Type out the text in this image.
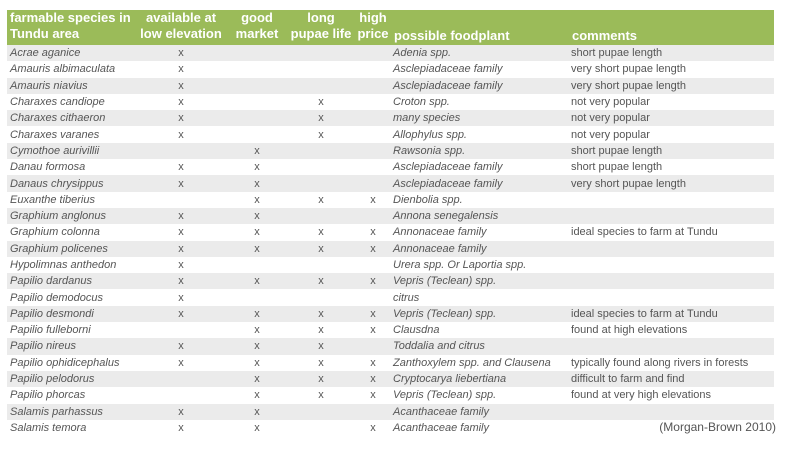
farmable species in Tundu area	available at low elevation	good market	long pupae life	high price	possible foodplant	comments
Acrae aganice	x				Adenia spp.	short pupae length
Amauris albimaculata	x				Asclepiadaceae family	very short pupae length
Amauris niavius	x				Asclepiadaceae family	very short pupae length
Charaxes candiope	x		x		Croton spp.	not very popular
Charaxes cithaeron	x		x		many species	not very popular
Charaxes varanes	x		x		Allophylus spp.	not very popular
Cymothoe aurivillii		x			Rawsonia spp.	short pupae length
Danau formosa	x	x			Asclepiadaceae family	short pupae length
Danaus chrysippus	x	x			Asclepiadaceae family	very short pupae length
Euxanthe tiberius		x	x	x	Dienbolia spp.	
Graphium anglonus	x	x			Annona senegalensis	
Graphium colonna	x	x	x	x	Annonaceae family	ideal species to farm at Tundu
Graphium policenes	x	x	x	x	Annonaceae family	
Hypolimnas anthedon	x				Urera spp. Or Laportia spp.	
Papilio dardanus	x	x	x	x	Vepris (Teclean) spp.	
Papilio demodocus	x				citrus	
Papilio desmondi	x	x	x	x	Vepris (Teclean) spp.	ideal species to farm at Tundu
Papilio fulleborni		x	x	x	Clausdna	found at high elevations
Papilio nireus	x	x	x		Toddalia and citrus	
Papilio ophidicephalus	x	x	x	x	Zanthoxylem spp. and Clausena	typically found along rivers in forests
Papilio pelodorus		x	x	x	Cryptocarya liebertiana	difficult to farm and find
Papilio phorcas		x	x	x	Vepris (Teclean) spp.	found at very high elevations
Salamis parhassus	x	x			Acanthaceae family	
Salamis temora	x	x		x	Acanthaceae family		(Morgan-Brown 2010)
